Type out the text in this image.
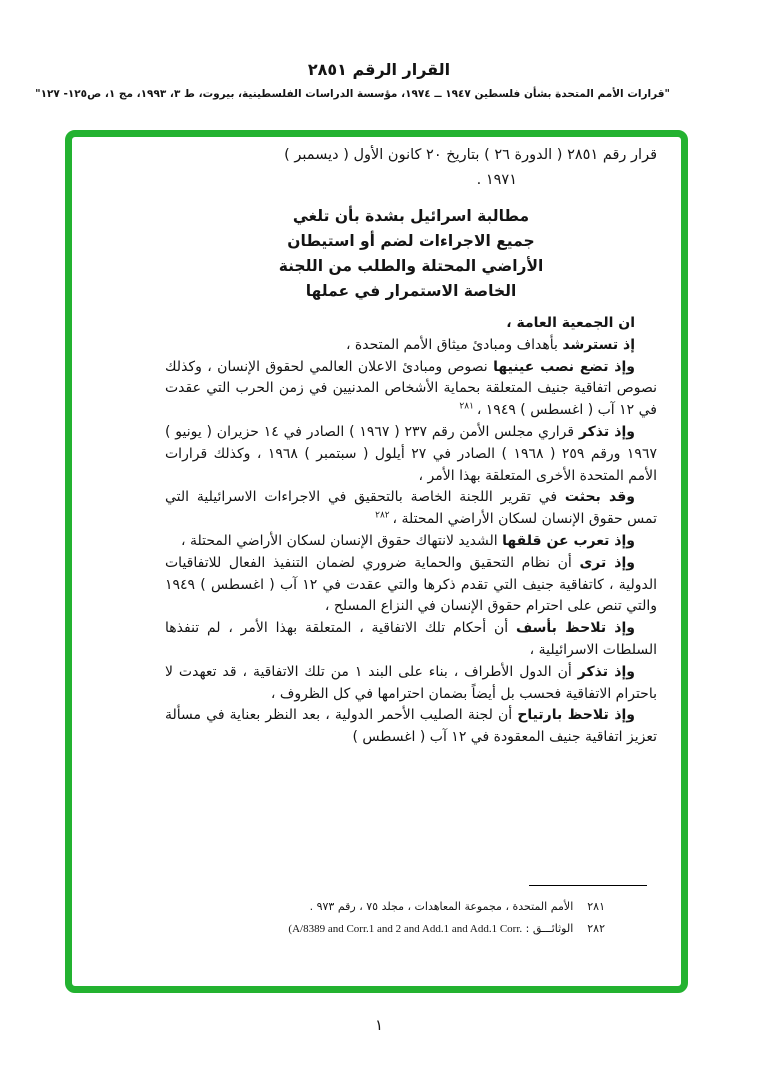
القرار الرقم ٢٨٥١
"قرارات الأمم المتحدة بشأن فلسطين ١٩٤٧ ــ ١٩٧٤، مؤسسة الدراسات الفلسطينية، بيروت، ط ٣، ١٩٩٣، مج ١، ص١٢٥- ١٢٧"

قرار رقم ٢٨٥١ ( الدورة ٢٦ ) بتاريخ ٢٠ كانون الأول ( ديسمبر )
١٩٧١ .

مطالبة اسرائيل بشدة بأن تلغي
جميع الاجراءات لضم أو استيطان
الأراضي المحتلة والطلب من اللجنة
الخاصة الاستمرار في عملها

ان الجمعية العامة ،

إذ تسترشد بأهداف ومبادئ ميثاق الأمم المتحدة ،

وإذ تضع نصب عينيها نصوص ومبادئ الاعلان العالمي لحقوق الإنسان ، وكذلك نصوص اتفاقية جنيف المتعلقة بحماية الأشخاص المدنيين في زمن الحرب التي عقدت في ١٢ آب ( اغسطس ) ١٩٤٩ ، $^{٢٨١}$

وإذ تذكر قراري مجلس الأمن رقم ٢٣٧ ( ١٩٦٧ ) الصادر في ١٤ حزيران ( يونيو ) ١٩٦٧ ورقم ٢٥٩ ( ١٩٦٨ ) الصادر في ٢٧ أيلول ( سبتمبر ) ١٩٦٨ ، وكذلك قرارات الأمم المتحدة الأخرى المتعلقة بهذا الأمر ،

وقد بحثت في تقرير اللجنة الخاصة بالتحقيق في الاجراءات الاسرائيلية التي تمس حقوق الإنسان لسكان الأراضي المحتلة ، $^{٢٨٢}$

وإذ تعرب عن قلقها الشديد لانتهاك حقوق الإنسان لسكان الأراضي المحتلة ،

وإذ ترى أن نظام التحقيق والحماية ضروري لضمان التنفيذ الفعال للاتفاقيات الدولية ، كاتفاقية جنيف التي تقدم ذكرها والتي عقدت في ١٢ آب ( اغسطس ) ١٩٤٩ والتي تنص على احترام حقوق الإنسان في النزاع المسلح ،

وإذ تلاحظ بأسف أن أحكام تلك الاتفاقية ، المتعلقة بهذا الأمر ، لم تنفذها السلطات الاسرائيلية ،

وإذ تذكر أن الدول الأطراف ، بناء على البند ١ من تلك الاتفاقية ، قد تعهدت لا باحترام الاتفاقية فحسب بل أيضاً بضمان احترامها في كل الظروف ،

وإذ تلاحظ بارتياح أن لجنة الصليب الأحمر الدولية ، بعد النظر بعناية في مسألة تعزيز اتفاقية جنيف المعقودة في ١٢ آب ( اغسطس )

٢٨١
الأمم المتحدة ، مجموعة المعاهدات ، مجلد ٧٥ ، رقم ٩٧٣ .
٢٨٢
الوثائـــق : (A/8389 and Corr.1 and 2 and Add.1 and Add.1 Corr.
١
